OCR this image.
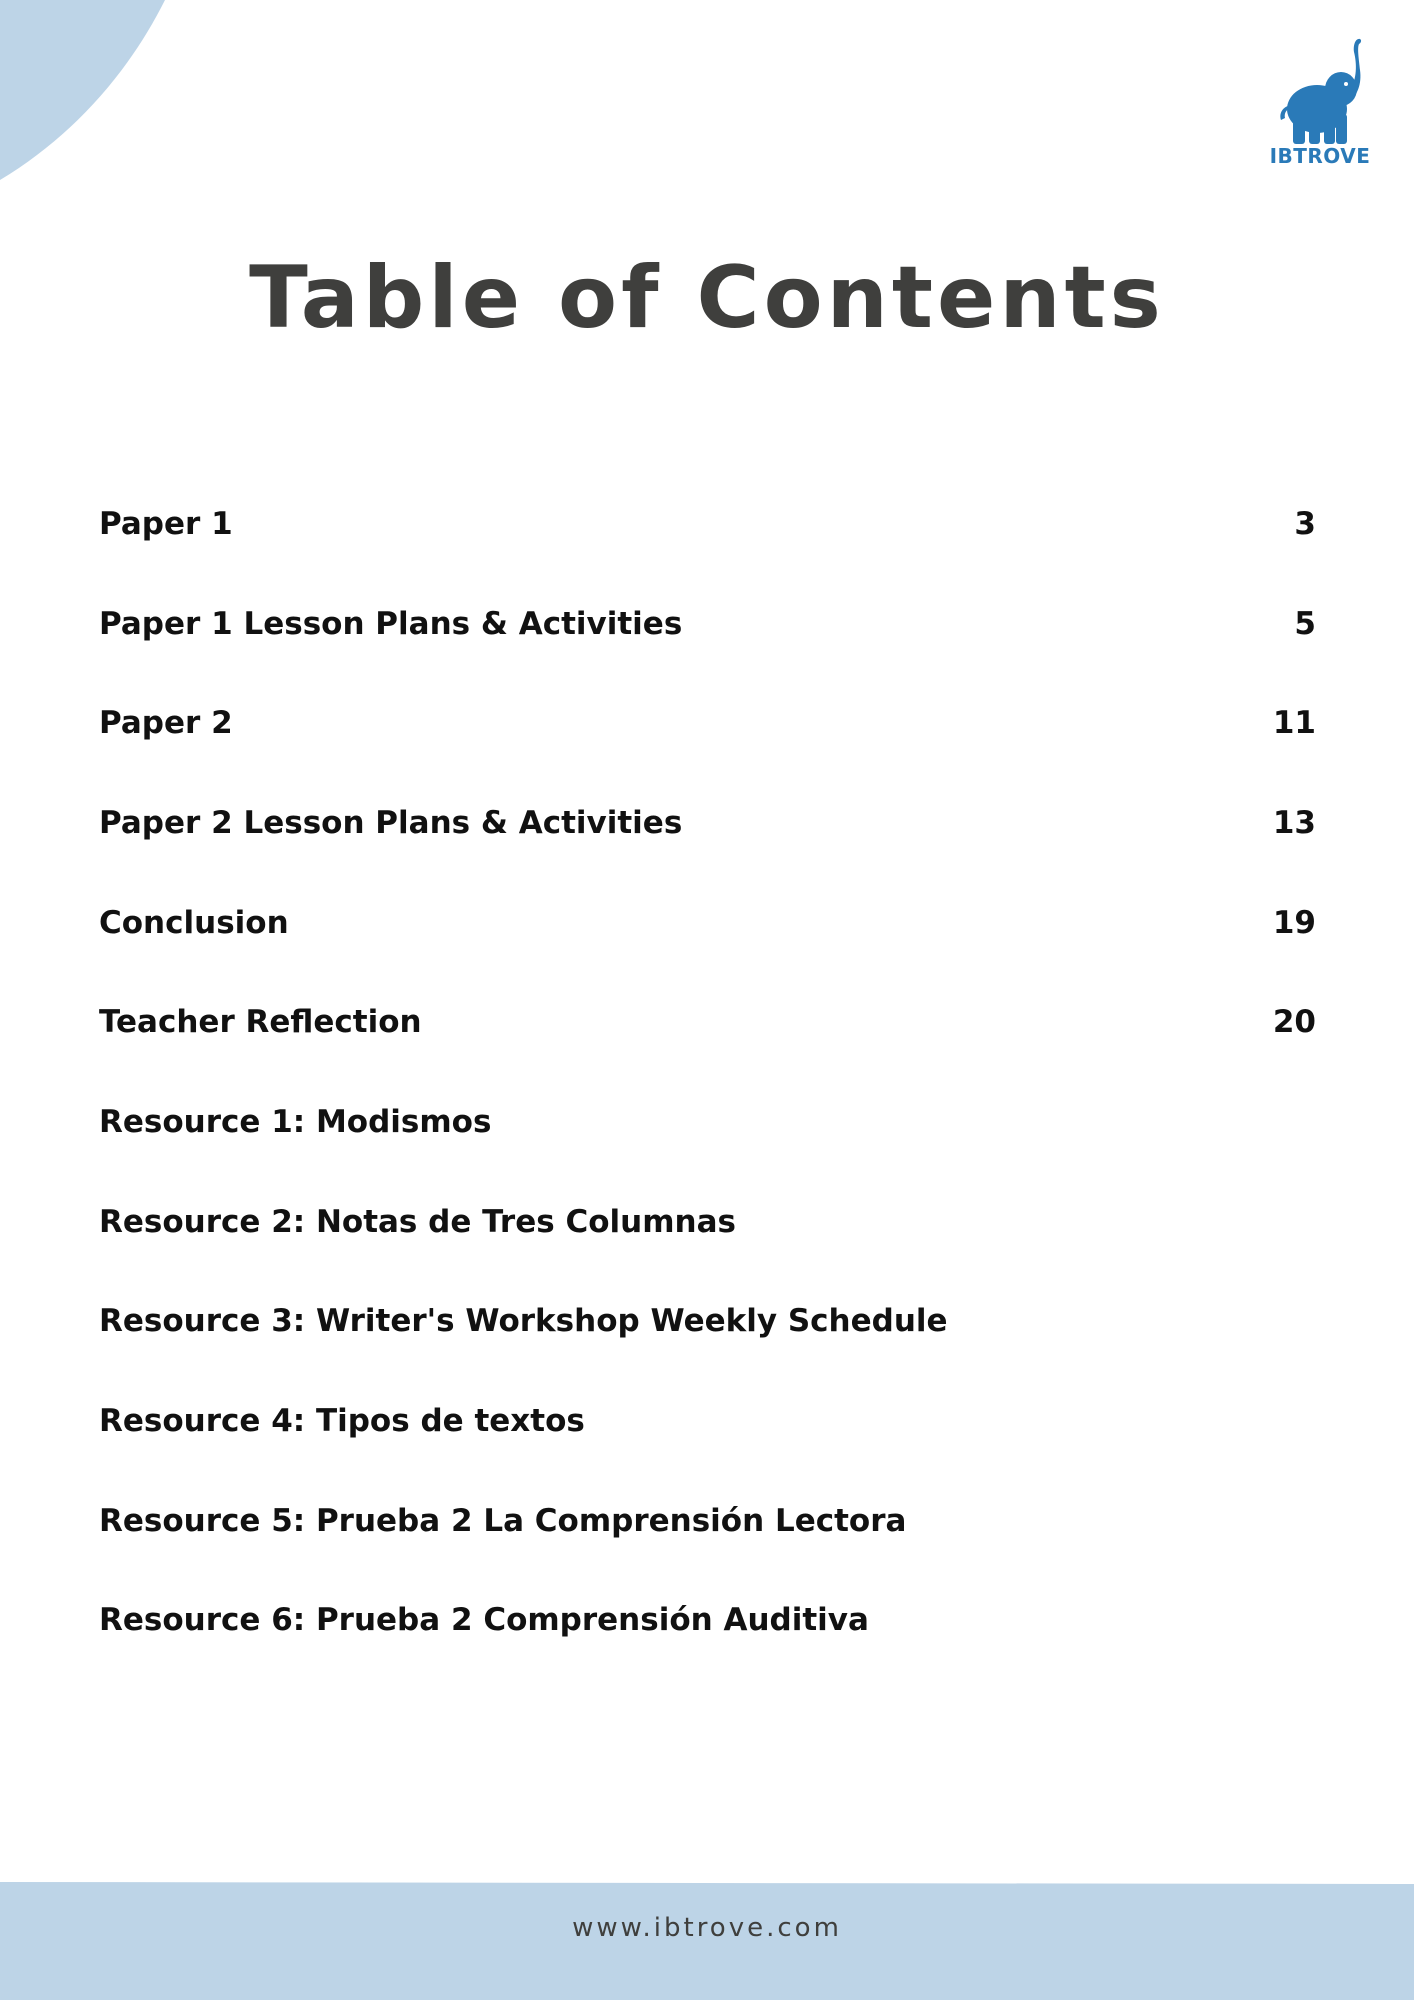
IBTROVE
Table of Contents
Paper 1	3
Paper 1 Lesson Plans & Activities	5
Paper 2	11
Paper 2 Lesson Plans & Activities	13
Conclusion	19
Teacher Reflection	20
Resource 1: Modismos
Resource 2: Notas de Tres Columnas
Resource 3: Writer's Workshop Weekly Schedule
Resource 4: Tipos de textos
Resource 5: Prueba 2 La Comprensión Lectora
Resource 6: Prueba 2 Comprensión Auditiva
www.ibtrove.com
